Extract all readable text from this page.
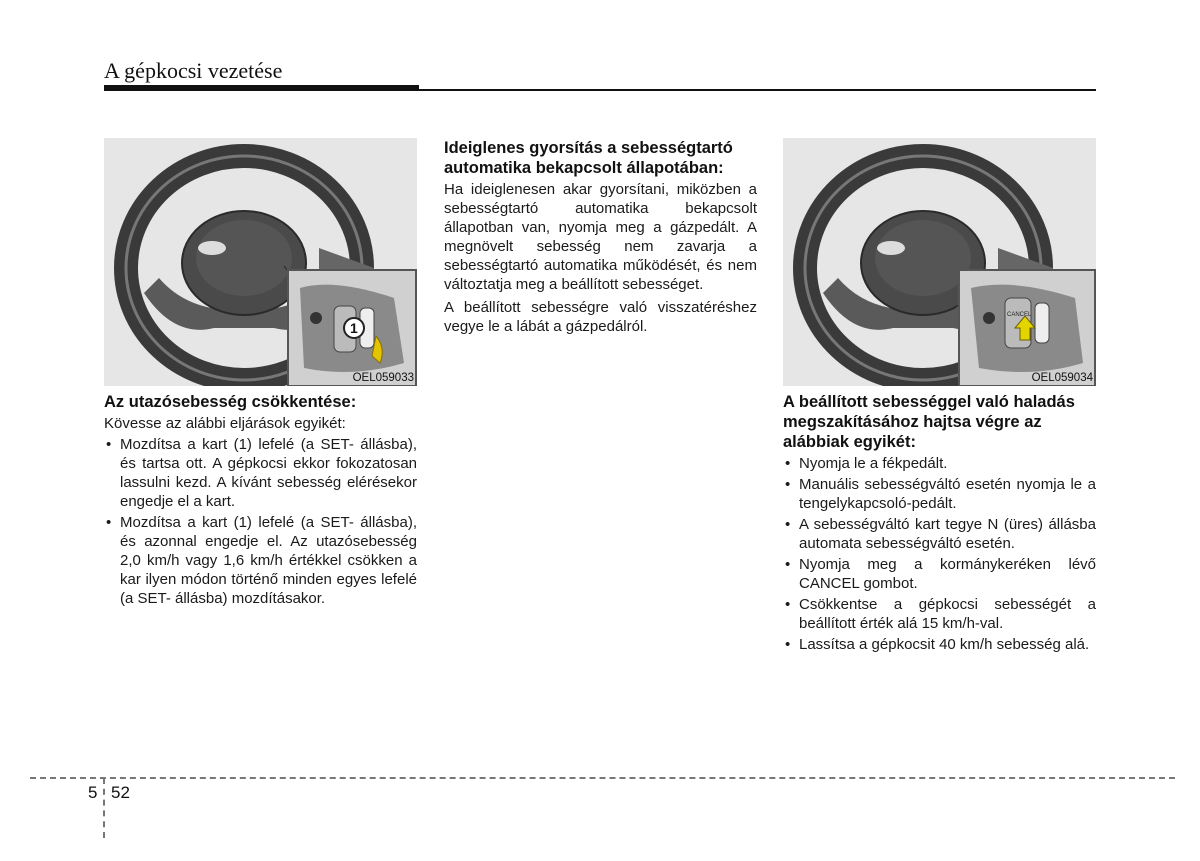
A gépkocsi vezetése
1
OEL059033

Az utazósebesség csökkentése:

Kövesse az alábbi eljárások egyikét:

• Mozdítsa a kart (1) lefelé (a SET- állásba), és tartsa ott. A gépkocsi ekkor fokozatosan lassulni kezd. A kívánt sebesség elérésekor engedje el a kart.
• Mozdítsa a kart (1) lefelé (a SET- állásba), és azonnal engedje el. Az utazósebesség 2,0 km/h vagy 1,6 km/h értékkel csökken a kar ilyen módon történő minden egyes lefelé (a SET- állásba) mozdításakor.

Ideiglenes gyorsítás a sebességtartó automatika bekapcsolt állapotában:

Ha ideiglenesen akar gyorsítani, miközben a sebességtartó automatika bekapcsolt állapotban van, nyomja meg a gázpedált. A megnövelt sebesség nem zavarja a sebességtartó automatika működését, és nem változtatja meg a beállított sebességet.

A beállított sebességre való visszatéréshez vegye le a lábát a gázpedálról.

CANCEL
OEL059034

A beállított sebességgel való haladás megszakításához hajtsa végre az alábbiak egyikét:

• Nyomja le a fékpedált.
• Manuális sebességváltó esetén nyomja le a tengelykapcsoló-pedált.
• A sebességváltó kart tegye N (üres) állásba automata sebességváltó esetén.
• Nyomja meg a kormánykeréken lévő CANCEL gombot.
• Csökkentse a gépkocsi sebességét a beállított érték alá 15 km/h-val.
• Lassítsa a gépkocsit 40 km/h sebesség alá.
5 52
